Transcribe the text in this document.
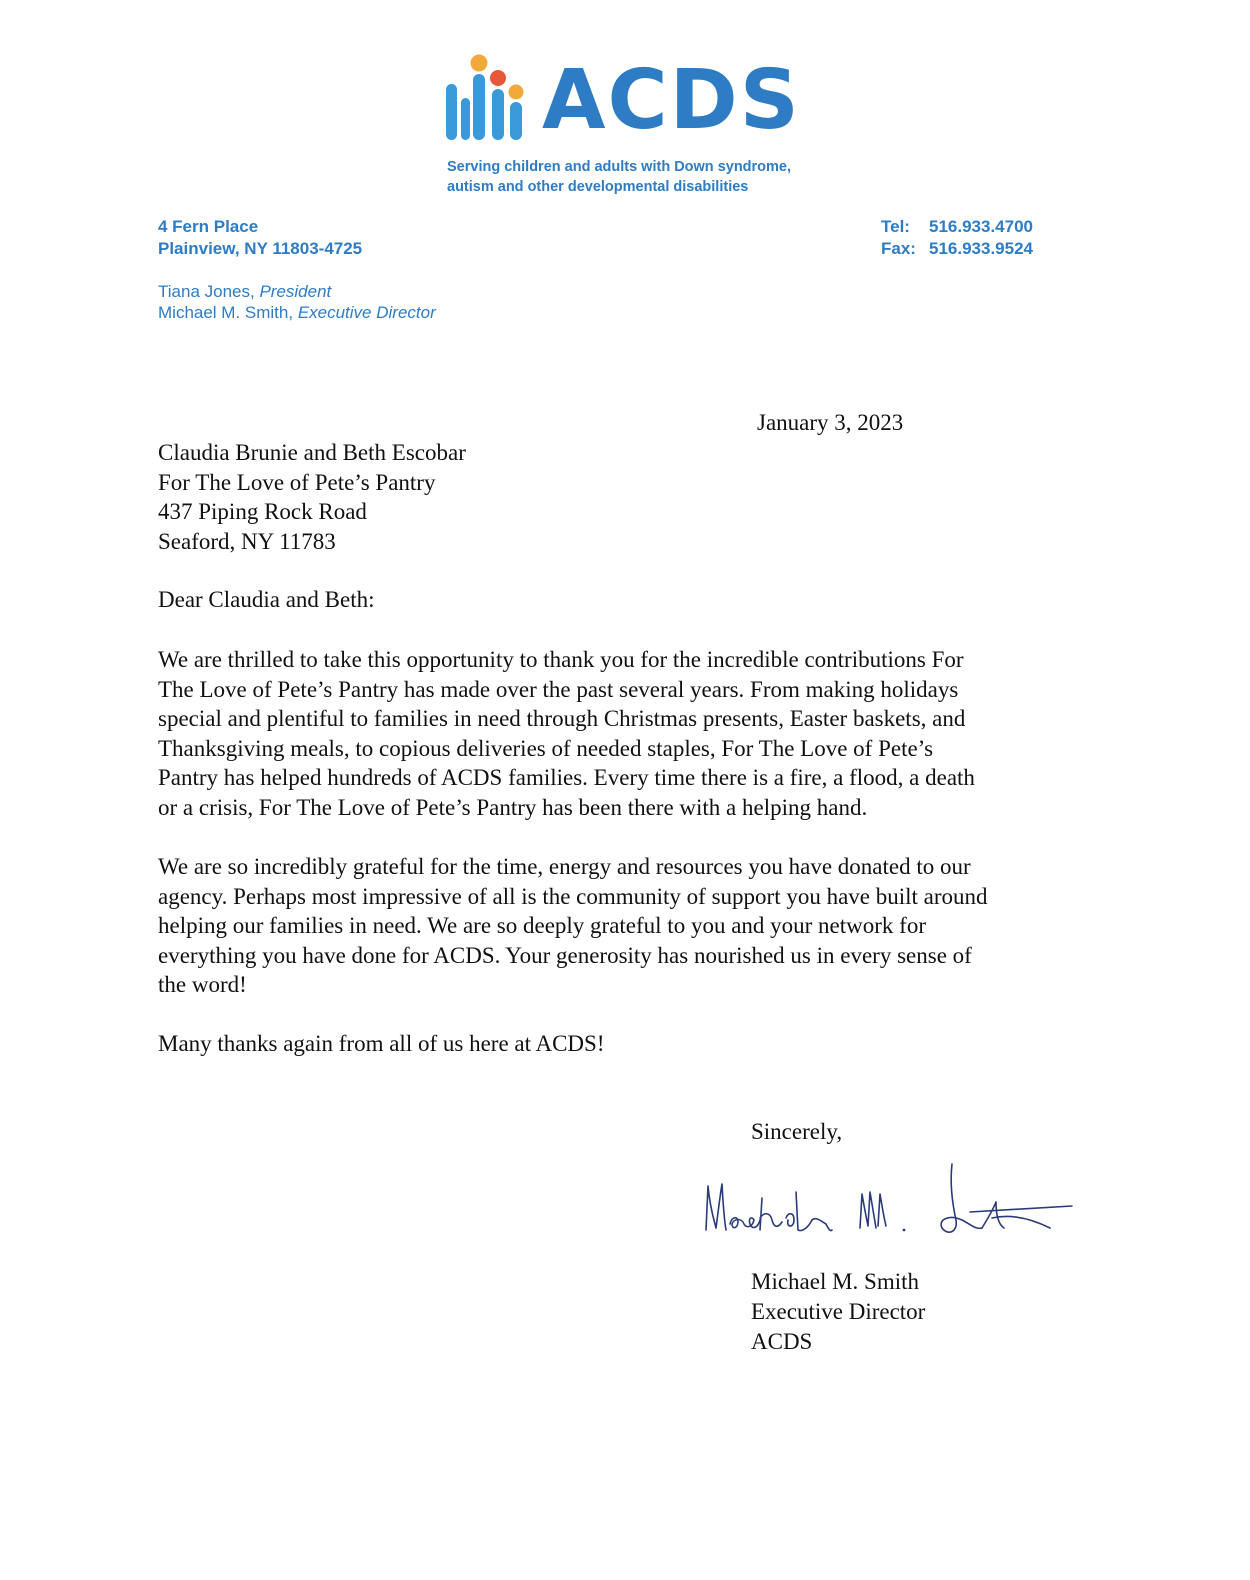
ACDS
Serving children and adults with Down syndrome,
autism and other developmental disabilities
4 Fern Place
Plainview, NY 11803-4725
Tel: 516.933.4700
Fax: 516.933.9524
Tiana Jones, President
Michael M. Smith, Executive Director
January 3, 2023
Claudia Brunie and Beth Escobar
For The Love of Pete’s Pantry
437 Piping Rock Road
Seaford, NY 11783
Dear Claudia and Beth:
We are thrilled to take this opportunity to thank you for the incredible contributions For
The Love of Pete’s Pantry has made over the past several years. From making holidays
special and plentiful to families in need through Christmas presents, Easter baskets, and
Thanksgiving meals, to copious deliveries of needed staples, For The Love of Pete’s
Pantry has helped hundreds of ACDS families. Every time there is a fire, a flood, a death
or a crisis, For The Love of Pete’s Pantry has been there with a helping hand.
We are so incredibly grateful for the time, energy and resources you have donated to our
agency. Perhaps most impressive of all is the community of support you have built around
helping our families in need. We are so deeply grateful to you and your network for
everything you have done for ACDS. Your generosity has nourished us in every sense of
the word!
Many thanks again from all of us here at ACDS!
Sincerely,
Michael M. Smith
Executive Director
ACDS
